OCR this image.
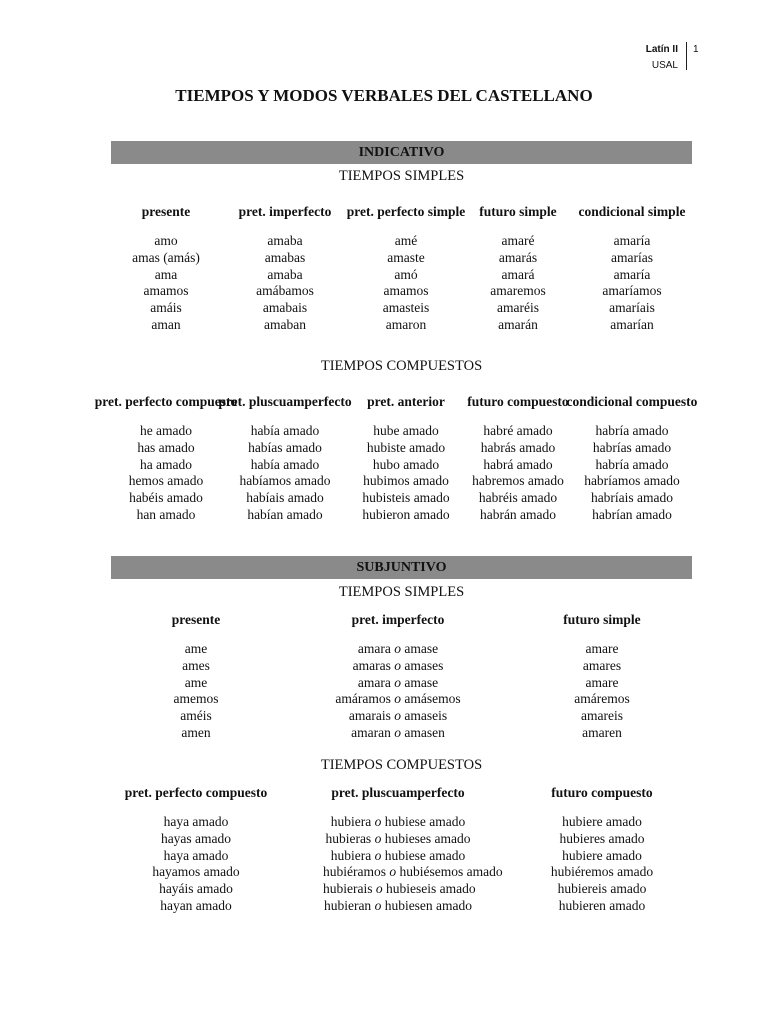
Latín II
USAL
1
TIEMPOS Y MODOS VERBALES DEL CASTELLANO
INDICATIVO
TIEMPOS SIMPLES
presente
amo
amas (amás)
ama
amamos
amáis
aman
pret. imperfecto
amaba
amabas
amaba
amábamos
amabais
amaban
pret. perfecto simple
amé
amaste
amó
amamos
amasteis
amaron
futuro simple
amaré
amarás
amará
amaremos
amaréis
amarán
condicional simple
amaría
amarías
amaría
amaríamos
amaríais
amarían
TIEMPOS COMPUESTOS
pret. perfecto compuesto
he amado
has amado
ha amado
hemos amado
habéis amado
han amado
pret. pluscuamperfecto
había amado
habías amado
había amado
habíamos amado
habíais amado
habían amado
pret. anterior
hube amado
hubiste amado
hubo amado
hubimos amado
hubisteis amado
hubieron amado
futuro compuesto
habré amado
habrás amado
habrá amado
habremos amado
habréis amado
habrán amado
condicional compuesto
habría amado
habrías amado
habría amado
habríamos amado
habríais amado
habrían amado
SUBJUNTIVO
TIEMPOS SIMPLES
presente
ame
ames
ame
amemos
améis
amen
pret. imperfecto
amara o amase
amaras o amases
amara o amase
amáramos o amásemos
amarais o amaseis
amaran o amasen
futuro simple
amare
amares
amare
amáremos
amareis
amaren
TIEMPOS COMPUESTOS
pret. perfecto compuesto
haya amado
hayas amado
haya amado
hayamos amado
hayáis amado
hayan amado
pret. pluscuamperfecto
hubiera o hubiese amado
hubieras o hubieses amado
hubiera o hubiese amado
hubiéramos o hubiésemos amado
hubierais o hubieseis amado
hubieran o hubiesen amado
futuro compuesto
hubiere amado
hubieres amado
hubiere amado
hubiéremos amado
hubiereis amado
hubieren amado
